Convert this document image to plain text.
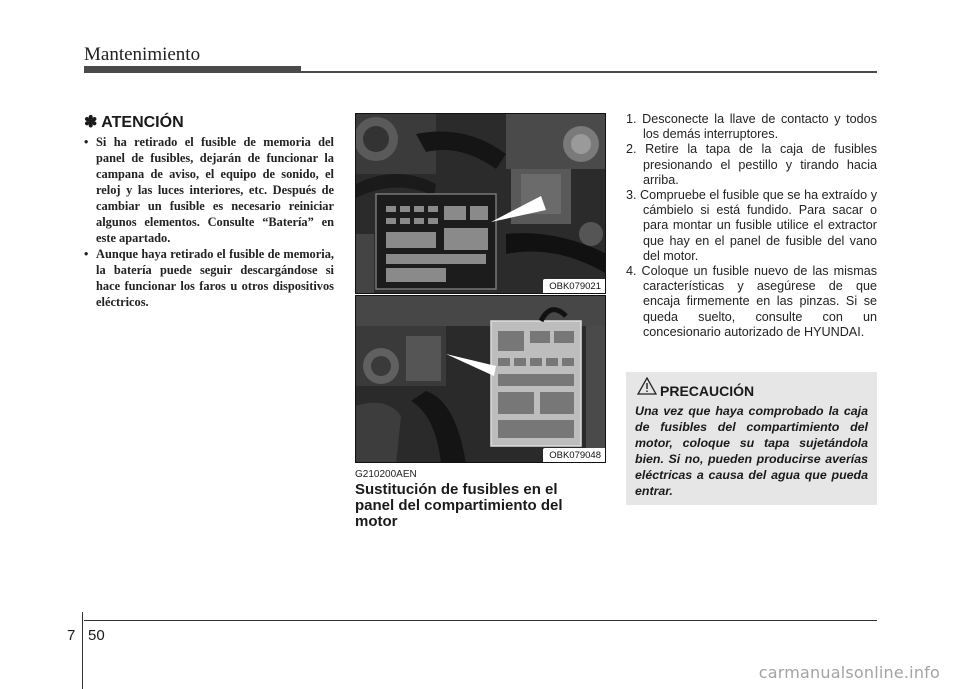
Mantenimiento
✽ ATENCIÓN
• Si ha retirado el fusible de memoria del panel de fusibles, dejarán de funcionar la campana de aviso, el equipo de sonido, el reloj y las luces interiores, etc. Después de cambiar un fusible es necesario reiniciar algunos elementos. Consulte “Batería” en este apartado.
• Aunque haya retirado el fusible de memoria, la batería puede seguir descargándose si hace funcionar los faros u otros dispositivos eléctricos.
OBK079021
OBK079048
G210200AEN
Sustitución de fusibles en el panel del compartimiento del motor
1. Desconecte la llave de contacto y todos los demás interruptores.
2. Retire la tapa de la caja de fusibles presionando el pestillo y tirando hacia arriba.
3. Compruebe el fusible que se ha extraído y cámbielo si está fundido. Para sacar o para montar un fusible utilice el extractor que hay en el panel de fusible del vano del motor.
4. Coloque un fusible nuevo de las mismas características y asegúrese de que encaja firmemente en las pinzas. Si se queda suelto, consulte con un concesionario autorizado de HYUNDAI.
PRECAUCIÓN
Una vez que haya comprobado la caja de fusibles del compartimiento del motor, coloque su tapa sujetándola bien. Si no, pueden producirse averías eléctricas a causa del agua que pueda entrar.
7 50
carmanualsonline.info
